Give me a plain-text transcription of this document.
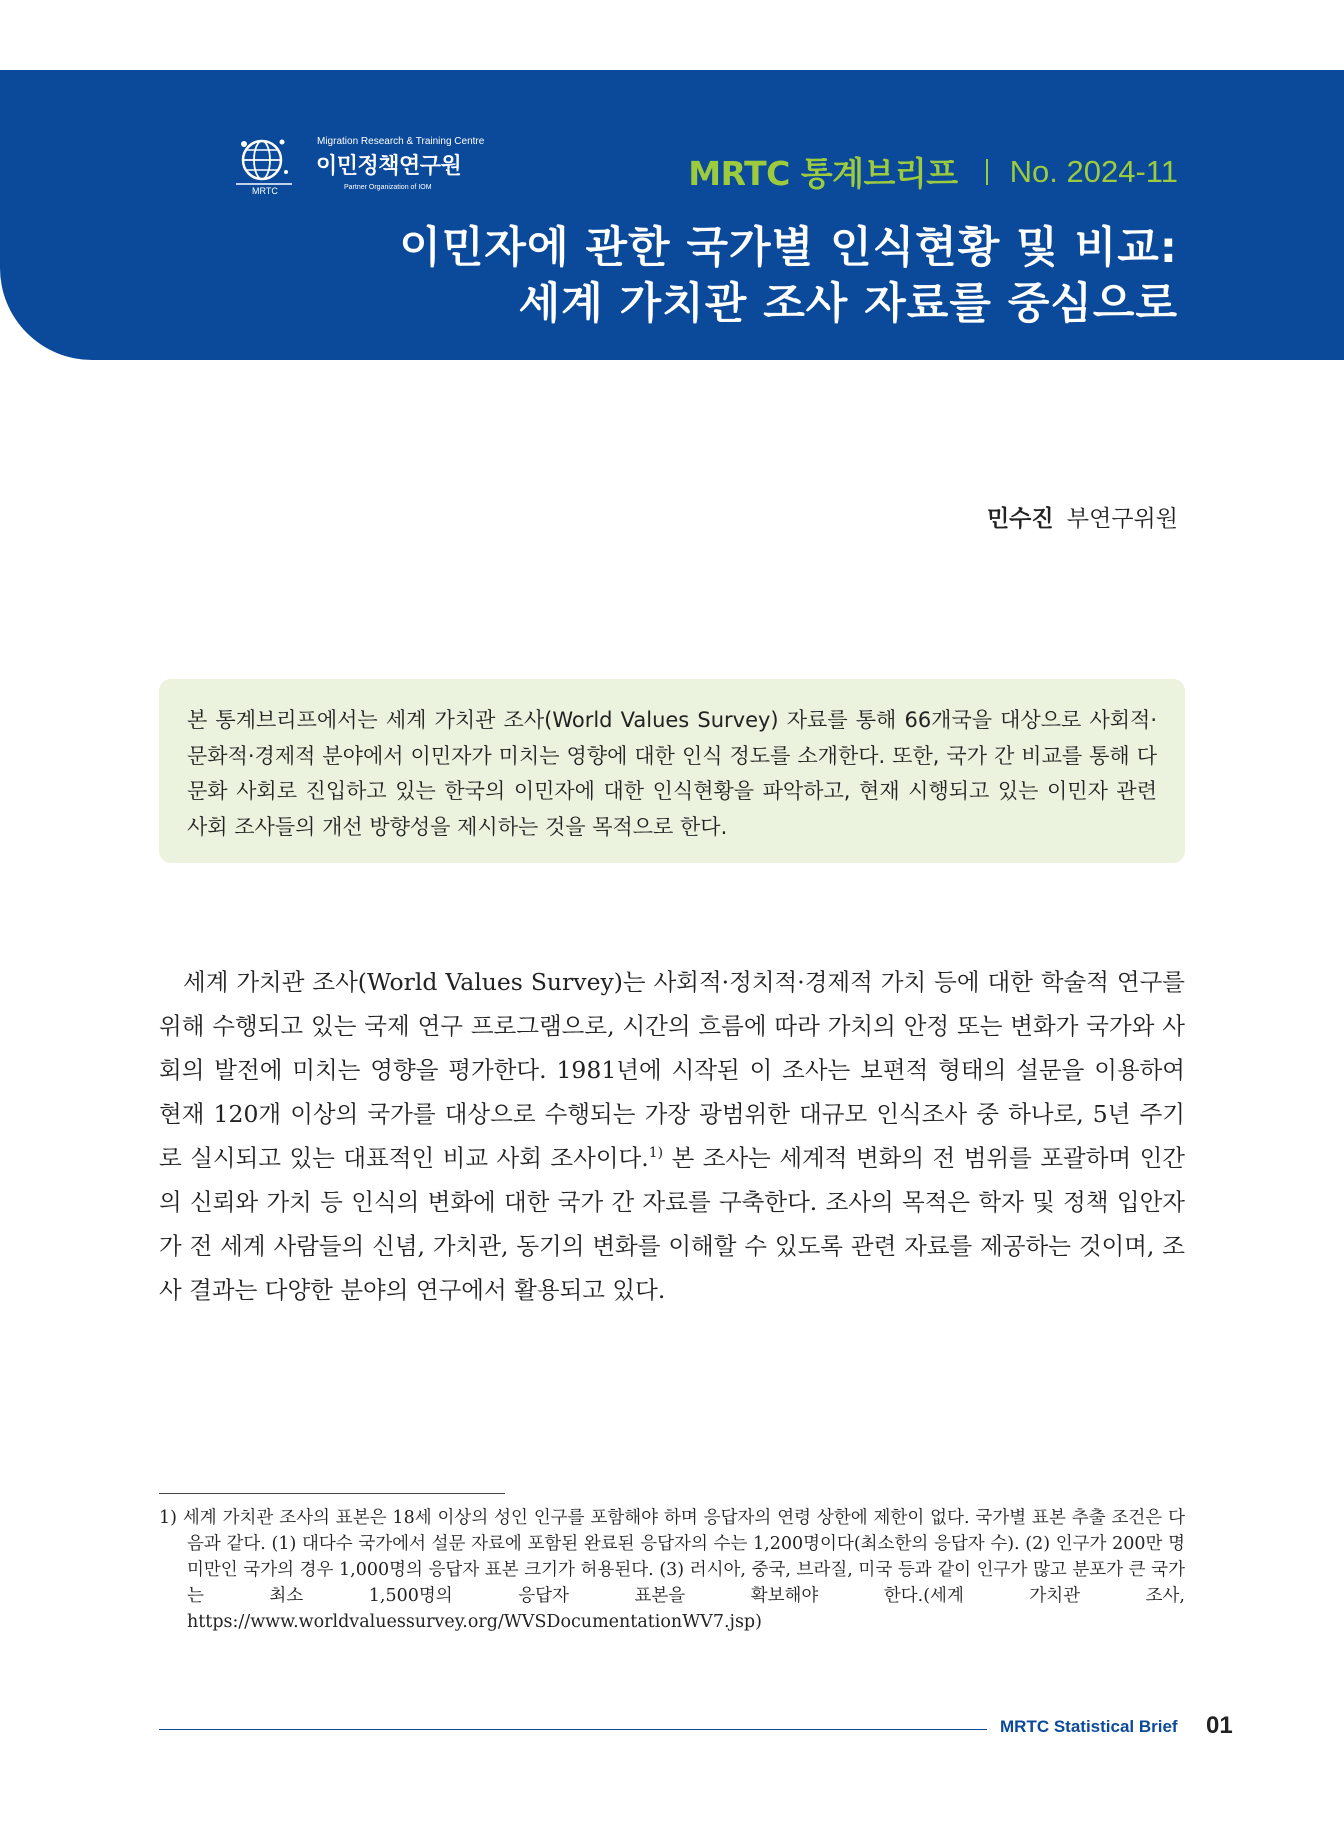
MRTC
Migration Research & Training Centre
이민정책연구원
Partner Organization of IOM	MRTC 통계브리프 No. 2024-11
이민자에 관한 국가별 인식현황 및 비교:
세계 가치관 조사 자료를 중심으로
민수진 부연구위원
본 통계브리프에서는 세계 가치관 조사(World Values Survey) 자료를 통해 66개국을 대상으로 사회적·문화적·경제적 분야에서 이민자가 미치는 영향에 대한 인식 정도를 소개한다. 또한, 국가 간 비교를 통해 다문화 사회로 진입하고 있는 한국의 이민자에 대한 인식현황을 파악하고, 현재 시행되고 있는 이민자 관련 사회 조사들의 개선 방향성을 제시하는 것을 목적으로 한다.
세계 가치관 조사(World Values Survey)는 사회적·정치적·경제적 가치 등에 대한 학술적 연구를 위해 수행되고 있는 국제 연구 프로그램으로, 시간의 흐름에 따라 가치의 안정 또는 변화가 국가와 사회의 발전에 미치는 영향을 평가한다. 1981년에 시작된 이 조사는 보편적 형태의 설문을 이용하여 현재 120개 이상의 국가를 대상으로 수행되는 가장 광범위한 대규모 인식조사 중 하나로, 5년 주기로 실시되고 있는 대표적인 비교 사회 조사이다.$^{1)}$ 본 조사는 세계적 변화의 전 범위를 포괄하며 인간의 신뢰와 가치 등 인식의 변화에 대한 국가 간 자료를 구축한다. 조사의 목적은 학자 및 정책 입안자가 전 세계 사람들의 신념, 가치관, 동기의 변화를 이해할 수 있도록 관련 자료를 제공하는 것이며, 조사 결과는 다양한 분야의 연구에서 활용되고 있다.
1) 세계 가치관 조사의 표본은 18세 이상의 성인 인구를 포함해야 하며 응답자의 연령 상한에 제한이 없다. 국가별 표본 추출 조건은 다음과 같다. (1) 대다수 국가에서 설문 자료에 포함된 완료된 응답자의 수는 1,200명이다(최소한의 응답자 수). (2) 인구가 200만 명 미만인 국가의 경우 1,000명의 응답자 표본 크기가 허용된다. (3) 러시아, 중국, 브라질, 미국 등과 같이 인구가 많고 분포가 큰 국가는 최소 1,500명의 응답자 표본을 확보해야 한다.(세계 가치관 조사, https://www.worldvaluessurvey.org/WVSDocumentationWV7.jsp)
MRTC Statistical Brief 01
